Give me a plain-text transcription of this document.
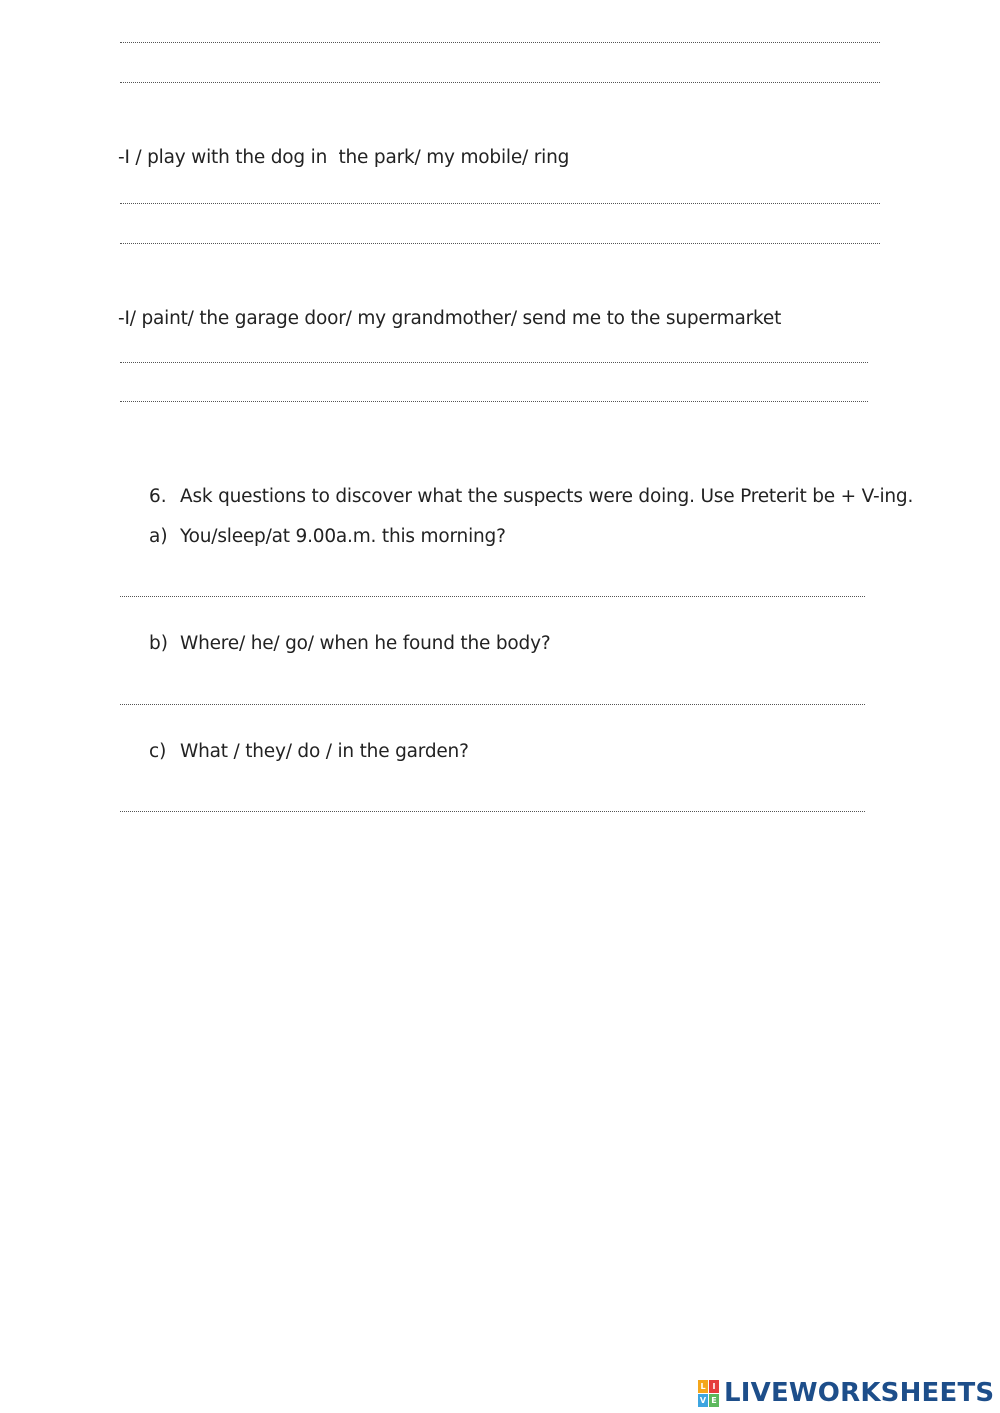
-I / play with the dog in  the park/ my mobile/ ring
-I/ paint/ the garage door/ my grandmother/ send me to the supermarket
6. Ask questions to discover what the suspects were doing. Use Preterit be + V-ing.
a) You/sleep/at 9.00a.m. this morning?
b) Where/ he/ go/ when he found the body?
c) What / they/ do / in the garden?
L I
V E LIVEWORKSHEETS
